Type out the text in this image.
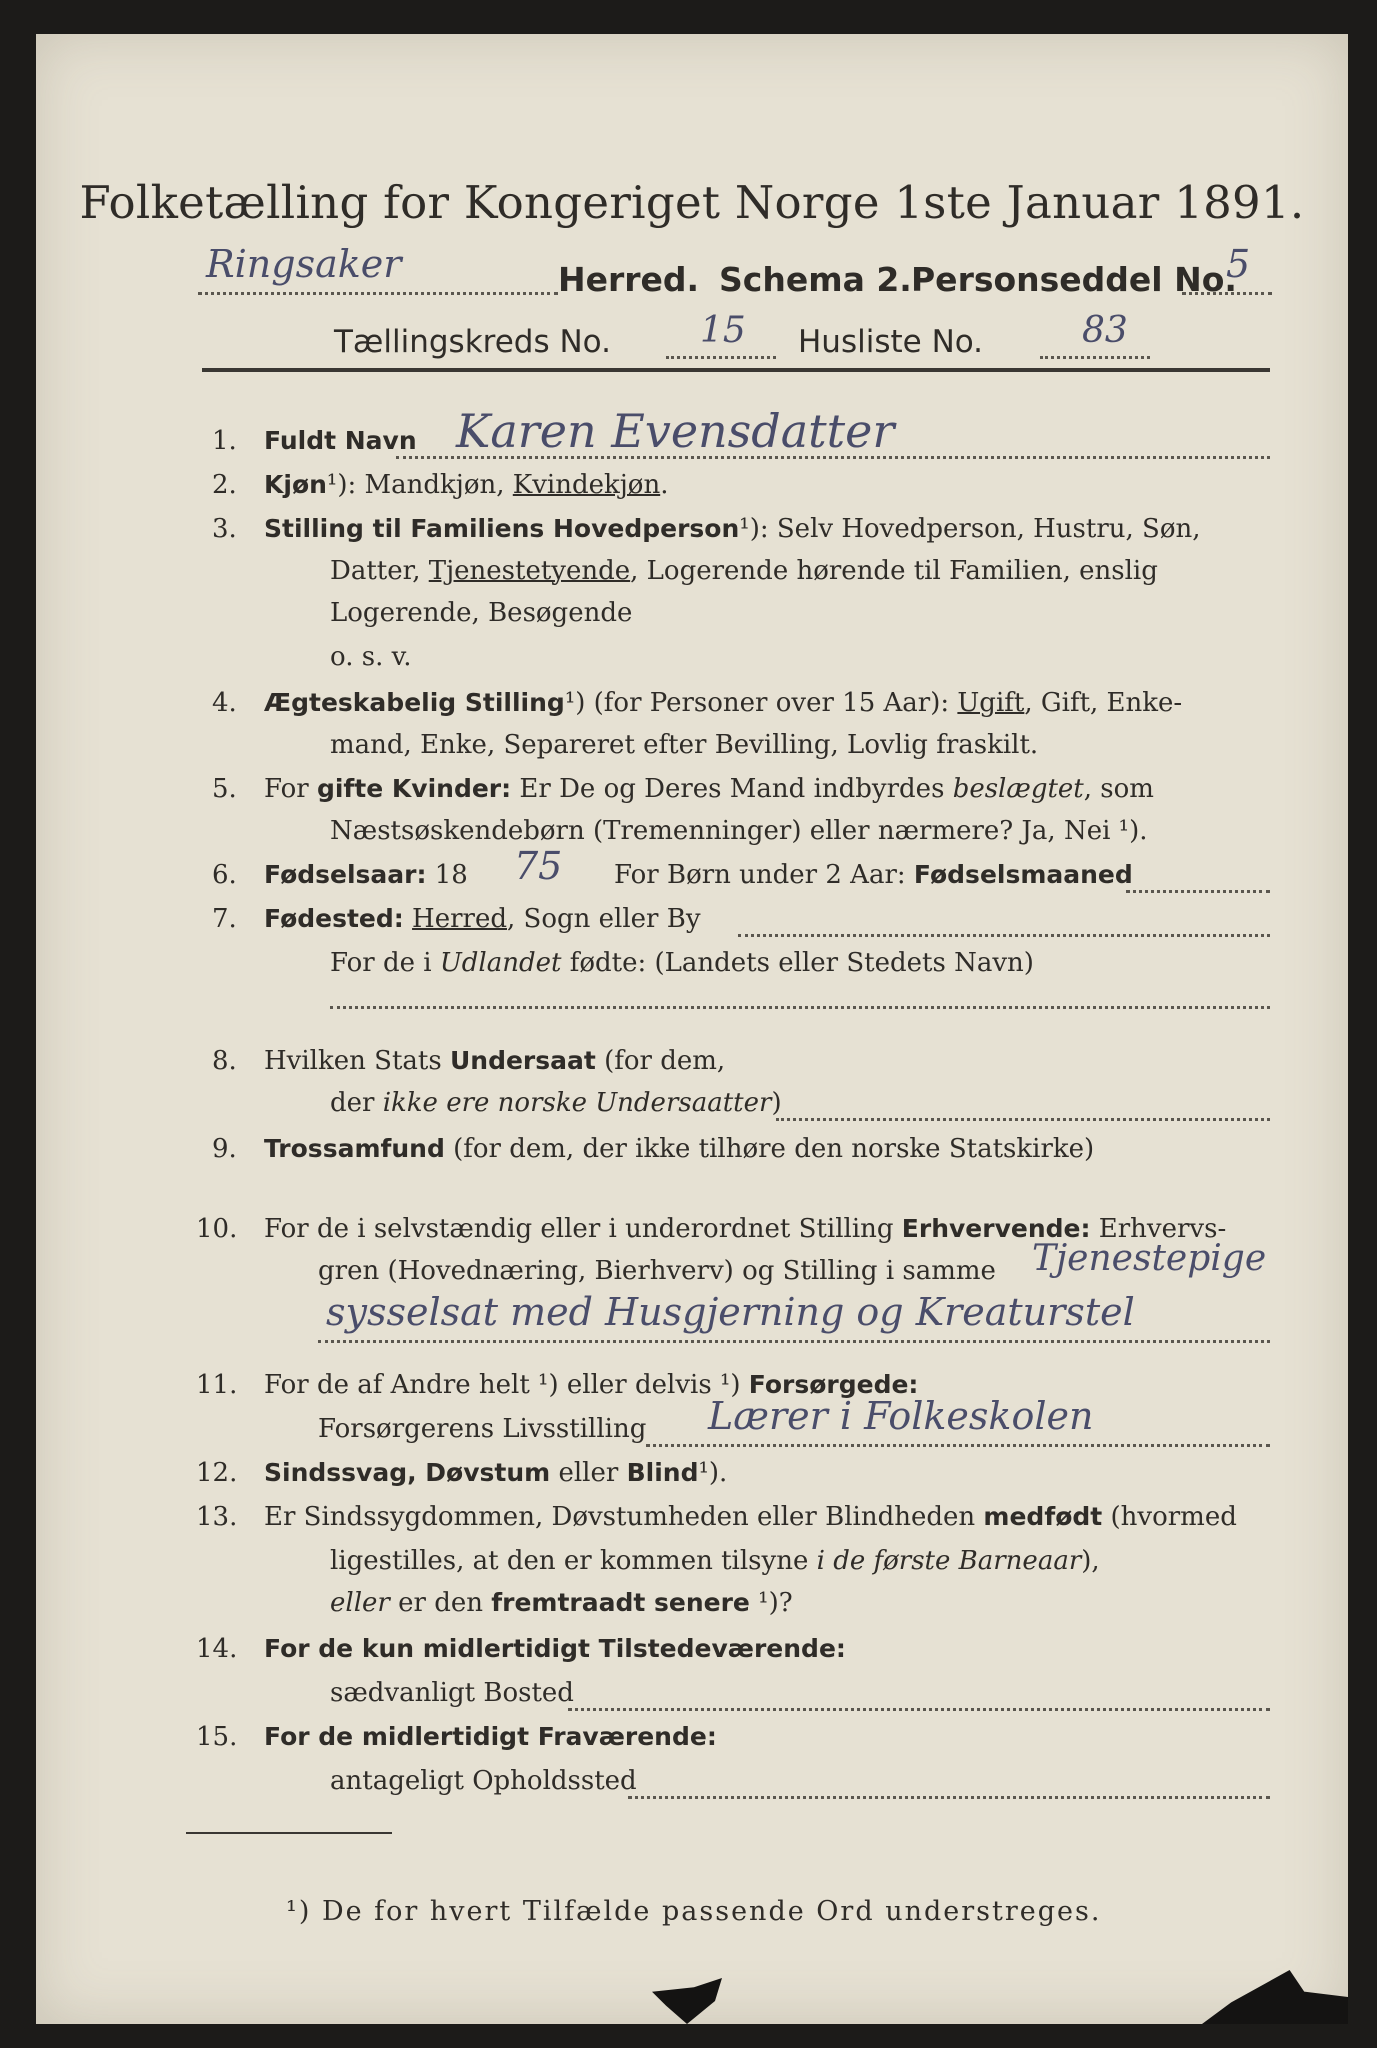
Folketælling for Kongeriget Norge 1ste Januar 1891.
Ringsaker	Herred. Schema 2. Personseddel No.
5
Tællingskreds No. 15 Husliste No.	83
1. Fuldt Navn Karen Evensdatter
2. Kjøn¹): Mandkjøn, Kvindekjøn.
3. Stilling til Familiens Hovedperson¹): Selv Hovedperson, Hustru, Søn,
Datter, Tjenestetyende, Logerende hørende til Familien, enslig
Logerende, Besøgende
o. s. v.
4. Ægteskabelig Stilling¹) (for Personer over 15 Aar): Ugift, Gift, Enke-
mand, Enke, Separeret efter Bevilling, Lovlig fraskilt.
5. For gifte Kvinder: Er De og Deres Mand indbyrdes beslægtet, som
Næstsøskendebørn (Tremenninger) eller nærmere? Ja, Nei ¹).
6. Fødselsaar: 18 75 For Børn under 2 Aar: Fødselsmaaned
7. Fødested: Herred, Sogn eller By
For de i Udlandet fødte: (Landets eller Stedets Navn)
8. Hvilken Stats Undersaat (for dem,
der ikke ere norske Undersaatter)
9. Trossamfund (for dem, der ikke tilhøre den norske Statskirke)
10. For de i selvstændig eller i underordnet Stilling Erhvervende: Erhvervs-
gren (Hovednæring, Bierhverv) og Stilling i samme Tjenestepige
sysselsat med Husgjerning og Kreaturstel
11. For de af Andre helt ¹) eller delvis ¹) Forsørgede:
Forsørgerens Livsstilling Lærer i Folkeskolen
12. Sindssvag, Døvstum eller Blind¹).
13. Er Sindssygdommen, Døvstumheden eller Blindheden medfødt (hvormed
ligestilles, at den er kommen tilsyne i de første Barneaar),
eller er den fremtraadt senere ¹)?
14. For de kun midlertidigt Tilstedeværende:
sædvanligt Bosted
15. For de midlertidigt Fraværende:
antageligt Opholdssted
¹) De for hvert Tilfælde passende Ord understreges.
